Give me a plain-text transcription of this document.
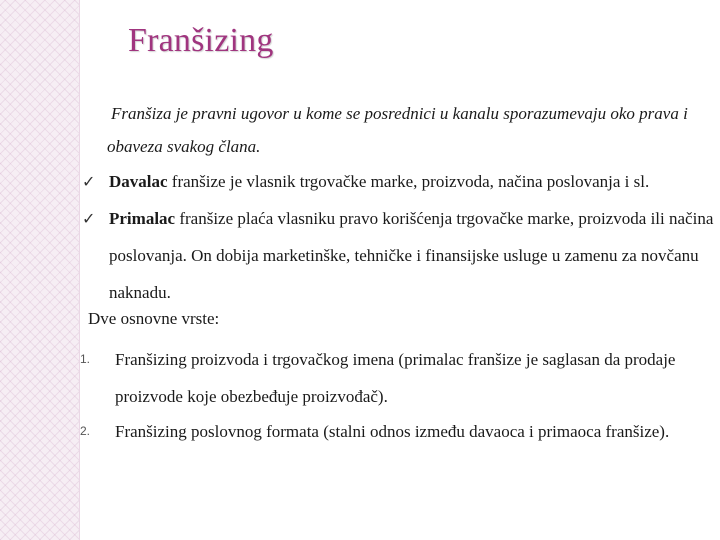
Franšizing
Franšiza je pravni ugovor u kome se posrednici u kanalu sporazumevaju oko prava i obaveza svakog člana.
✓ Davalac franšize je vlasnik trgovačke marke, proizvoda, načina poslovanja i sl.
✓ Primalac franšize plaća vlasniku pravo korišćenja trgovačke marke, proizvoda ili načina poslovanja. On dobija marketinške, tehničke i finansijske usluge u zamenu za novčanu naknadu.
Dve osnovne vrste:
1. Franšizing proizvoda i trgovačkog imena (primalac franšize je saglasan da prodaje proizvode koje obezbeđuje proizvođač).
2. Franšizing poslovnog formata (stalni odnos između davaoca i primaoca franšize).
